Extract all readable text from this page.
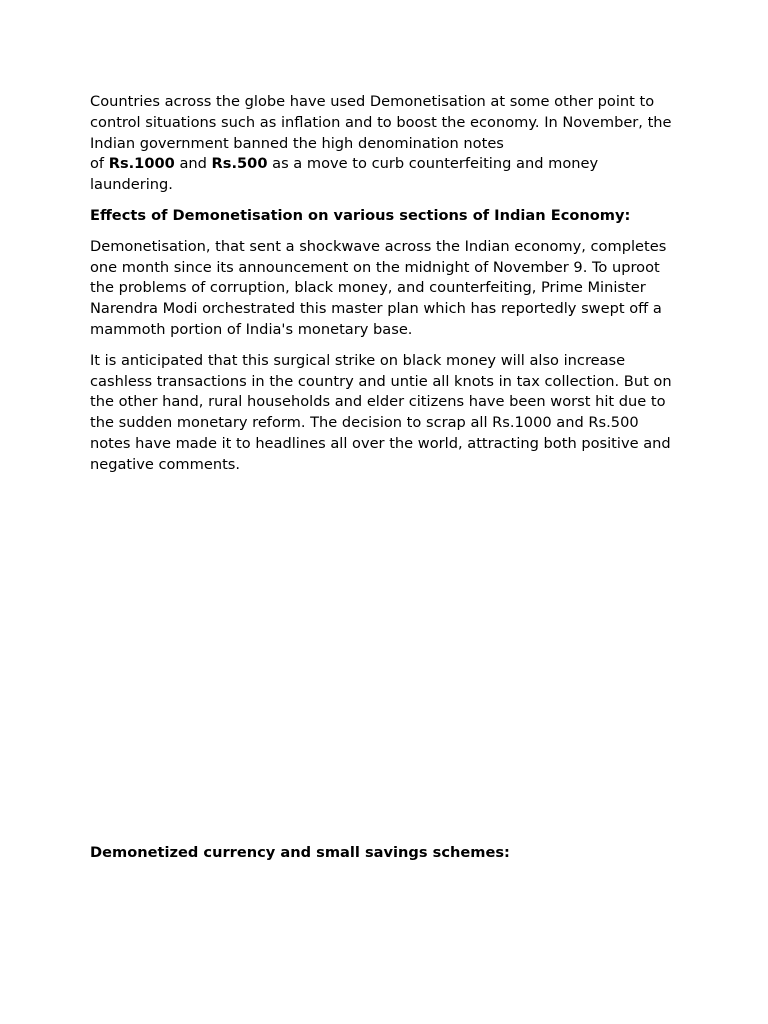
Countries across the globe have used Demonetisation at some other point to control situations such as inflation and to boost the economy. In November, the Indian government banned the high denomination notes
of Rs.1000 and Rs.500 as a move to curb counterfeiting and money laundering.

Effects of Demonetisation on various sections of Indian Economy:

Demonetisation, that sent a shockwave across the Indian economy, completes one month since its announcement on the midnight of November 9. To uproot the problems of corruption, black money, and counterfeiting, Prime Minister Narendra Modi orchestrated this master plan which has reportedly swept off a mammoth portion of India's monetary base.

It is anticipated that this surgical strike on black money will also increase cashless transactions in the country and untie all knots in tax collection. But on the other hand, rural households and elder citizens have been worst hit due to the sudden monetary reform. The decision to scrap all Rs.1000 and Rs.500 notes have made it to headlines all over the world, attracting both positive and negative comments.

Demonetized currency and small savings schemes:
